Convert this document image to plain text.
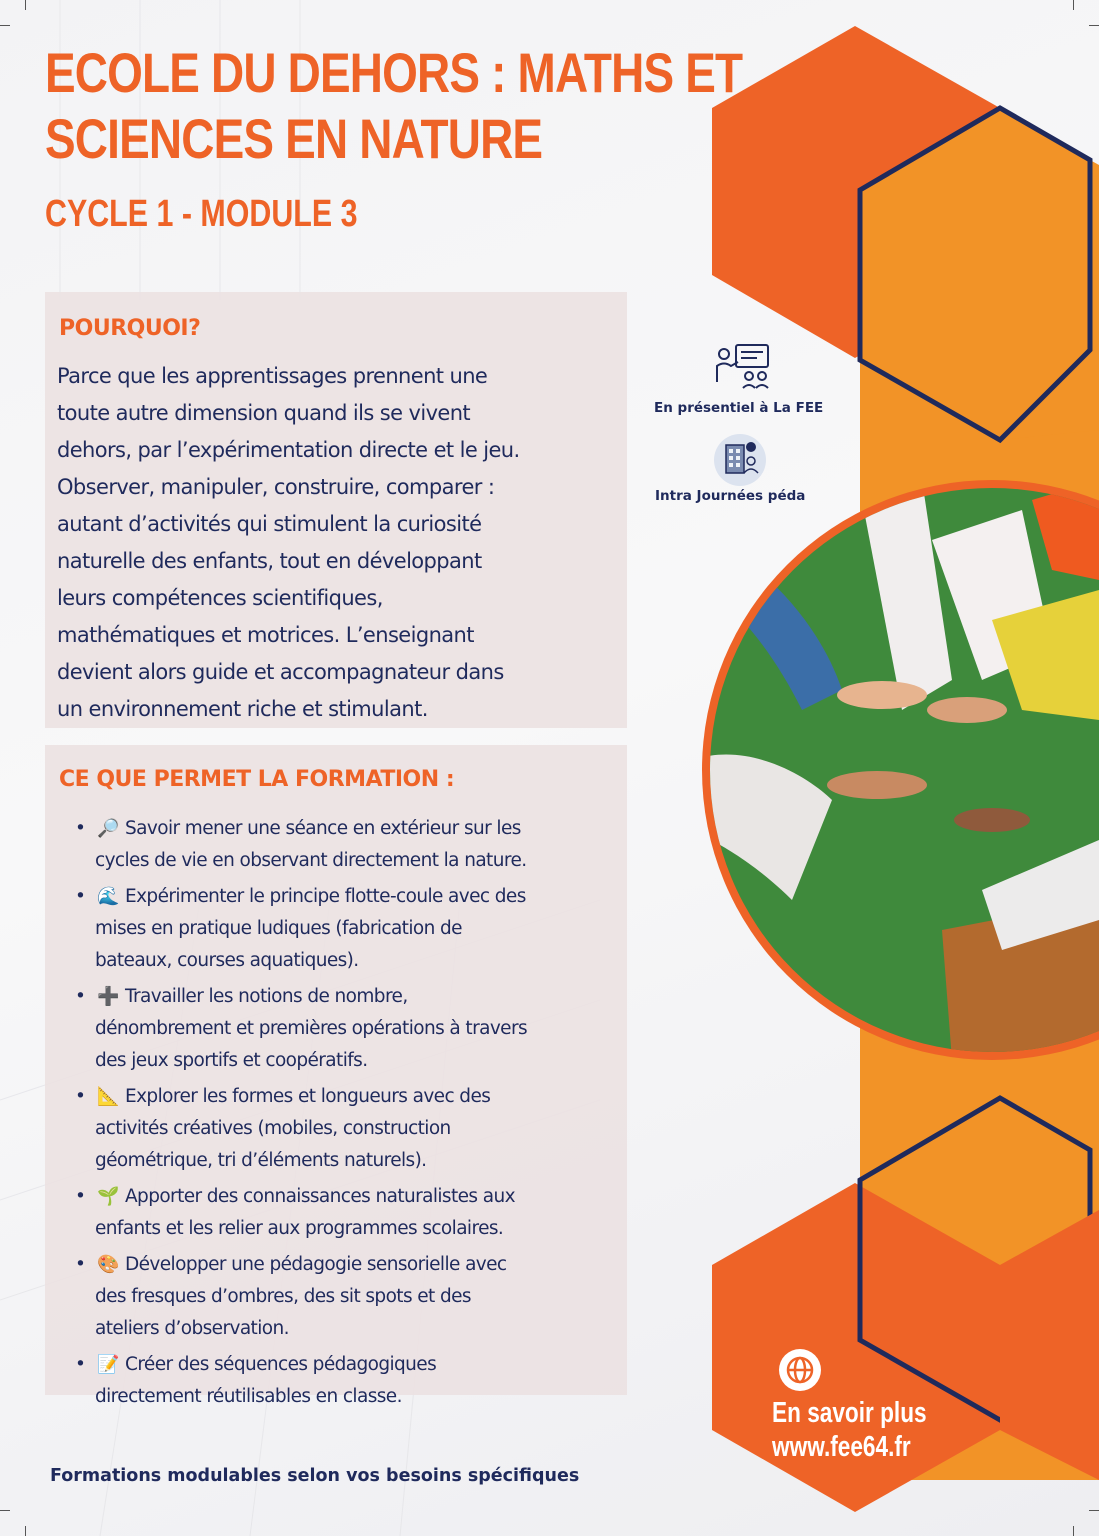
ECOLE DU DEHORS : MATHS ET
SCIENCES EN NATURE
CYCLE 1 - MODULE 3
POURQUOI?

Parce que les apprentissages prennent une
toute autre dimension quand ils se vivent
dehors, par l’expérimentation directe et le jeu.
Observer, manipuler, construire, comparer :
autant d’activités qui stimulent la curiosité
naturelle des enfants, tout en développant
leurs compétences scientifiques,
mathématiques et motrices. L’enseignant
devient alors guide et accompagnateur dans
un environnement riche et stimulant.

CE QUE PERMET LA FORMATION :
• 🔎 Savoir mener une séance en extérieur sur les
cycles de vie en observant directement la nature.
• 🌊 Expérimenter le principe flotte-coule avec des
mises en pratique ludiques (fabrication de
bateaux, courses aquatiques).
• ➕ Travailler les notions de nombre,
dénombrement et premières opérations à travers
des jeux sportifs et coopératifs.
• 📐 Explorer les formes et longueurs avec des
activités créatives (mobiles, construction
géométrique, tri d’éléments naturels).
• 🌱 Apporter des connaissances naturalistes aux
enfants et les relier aux programmes scolaires.
• 🎨 Développer une pédagogie sensorielle avec
des fresques d’ombres, des sit spots et des
ateliers d’observation.
• 📝 Créer des séquences pédagogiques
directement réutilisables en classe.
En présentiel à La FEE
Intra Journées péda
En savoir plus
www.fee64.fr

Formations modulables selon vos besoins spécifiques
